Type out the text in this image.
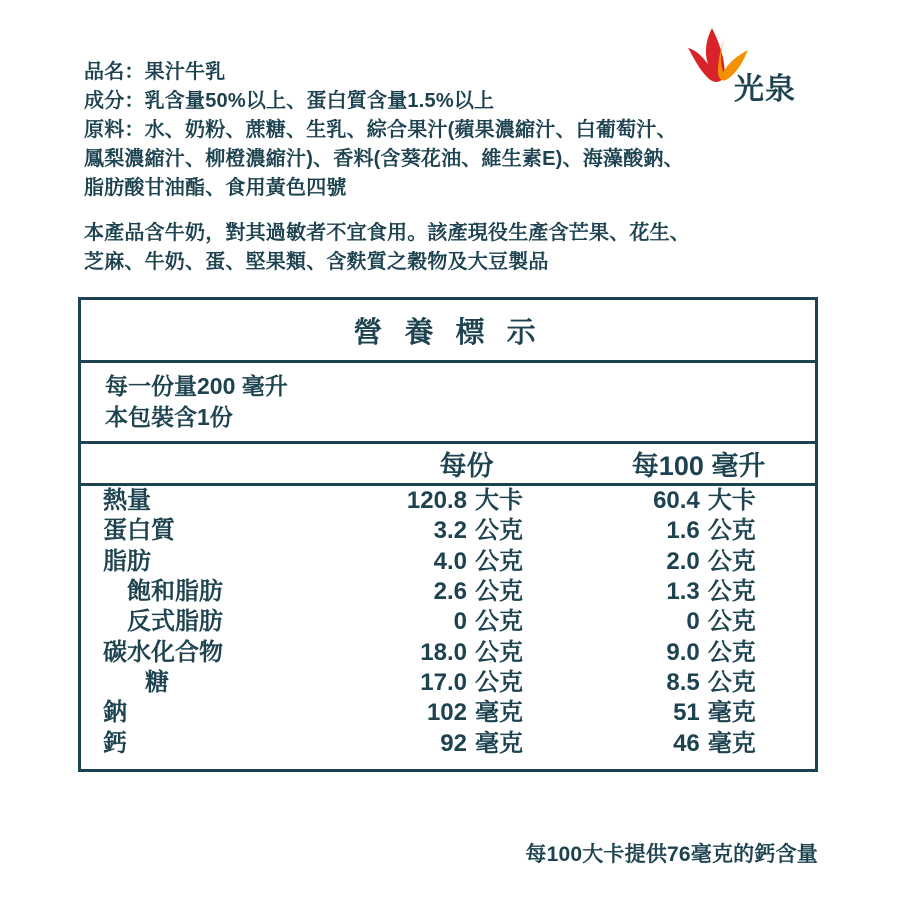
光泉
品名：果汁牛乳
成分：乳含量50%以上、蛋白質含量1.5%以上
原料：水、奶粉、蔗糖、生乳、綜合果汁(蘋果濃縮汁、白葡萄汁、
鳳梨濃縮汁、柳橙濃縮汁)、香料(含葵花油、維生素E)、海藻酸鈉、
脂肪酸甘油酯、食用黃色四號
本產品含牛奶，對其過敏者不宜食用。該產現役生產含芒果、花生、
芝麻、牛奶、蛋、堅果類、含麩質之穀物及大豆製品
營 養 標 示
每一份量200 毫升
本包裝含1份
	每份		每100 毫升	
熱量	120.8	大卡	60.4	大卡
蛋白質	3.2	公克	1.6	公克
脂肪	4.0	公克	2.0	公克
飽和脂肪	2.6	公克	1.3	公克
反式脂肪	0	公克	0	公克
碳水化合物	18.0	公克	9.0	公克
糖	17.0	公克	8.5	公克
鈉	102	毫克	51	毫克
鈣	92	毫克	46	毫克

每100大卡提供76毫克的鈣含量
